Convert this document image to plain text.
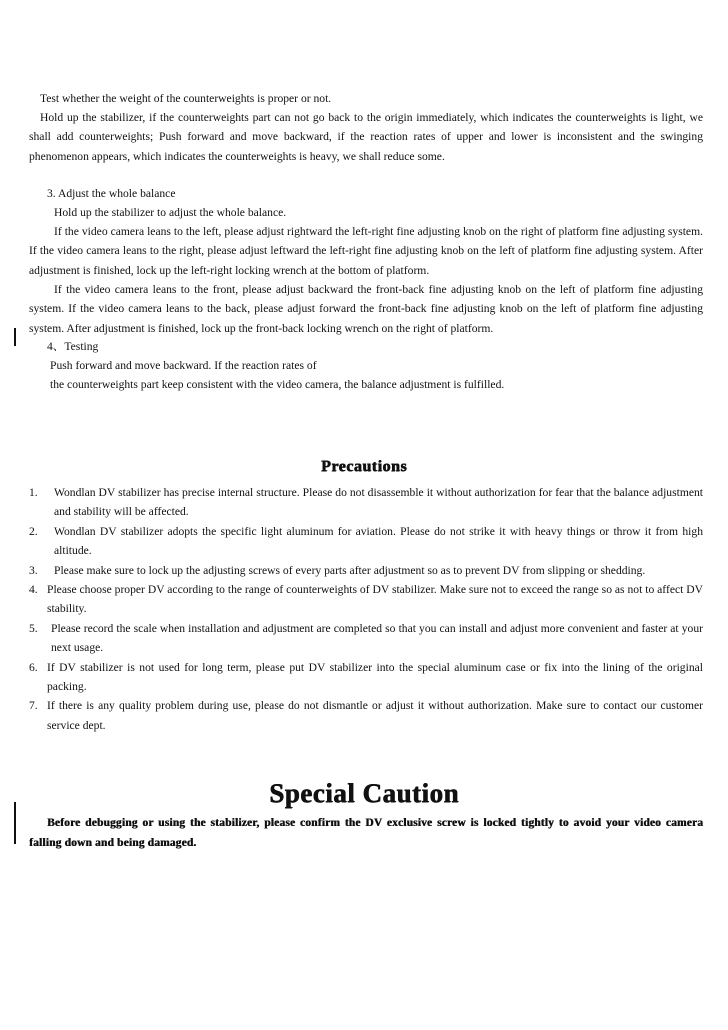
Test whether the weight of the counterweights is proper or not.

Hold up the stabilizer, if the counterweights part can not go back to the origin immediately, which indicates the counterweights is light, we shall add counterweights; Push forward and move backward, if the reaction rates of upper and lower is inconsistent and the swinging phenomenon appears, which indicates the counterweights is heavy, we shall reduce some.

3. Adjust the whole balance

Hold up the stabilizer to adjust the whole balance.

If the video camera leans to the left, please adjust rightward the left-right fine adjusting knob on the right of platform fine adjusting system. If the video camera leans to the right, please adjust leftward the left-right fine adjusting knob on the left of platform fine adjusting system. After adjustment is finished, lock up the left-right locking wrench at the bottom of platform.

If the video camera leans to the front, please adjust backward the front-back fine adjusting knob on the left of platform fine adjusting system. If the video camera leans to the back, please adjust forward the front-back fine adjusting knob on the left of platform fine adjusting system. After adjustment is finished, lock up the front-back locking wrench on the right of platform.

4、Testing

Push forward and move backward. If the reaction rates of

the counterweights part keep consistent with the video camera, the balance adjustment is fulfilled.

Precautions
1. Wondlan DV stabilizer has precise internal structure. Please do not disassemble it without authorization for fear that the balance adjustment and stability will be affected.
2. Wondlan DV stabilizer adopts the specific light aluminum for aviation. Please do not strike it with heavy things or throw it from high altitude.
3. Please make sure to lock up the adjusting screws of every parts after adjustment so as to prevent DV from slipping or shedding.
4. Please choose proper DV according to the range of counterweights of DV stabilizer. Make sure not to exceed the range so as not to affect DV stability.
5. Please record the scale when installation and adjustment are completed so that you can install and adjust more convenient and faster at your next usage.
6. If DV stabilizer is not used for long term, please put DV stabilizer into the special aluminum case or fix into the lining of the original packing.
7. If there is any quality problem during use, please do not dismantle or adjust it without authorization. Make sure to contact our customer service dept.
Special Caution

Before debugging or using the stabilizer, please confirm the DV exclusive screw is locked tightly to avoid your video camera falling down and being damaged.
